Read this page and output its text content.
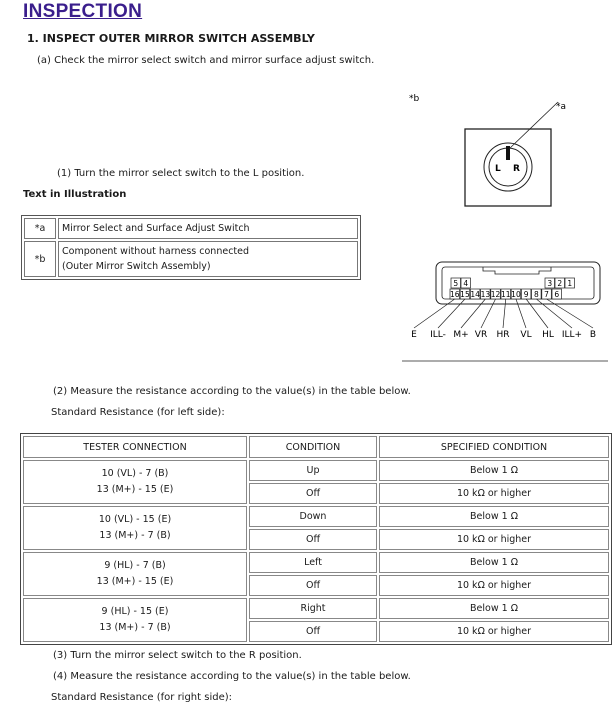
INSPECTION
1. INSPECT OUTER MIRROR SWITCH ASSEMBLY
(a) Check the mirror select switch and mirror surface adjust switch.
(1) Turn the mirror select switch to the L position.
*b
*a
L R
5 4	3 2 1
16 15 14 13 12 11 10 9 8 7 6
E ILL- M+ VR HR VL HL ILL+ B
Text in Illustration
*a	Mirror Select and Surface Adjust Switch

*b	Component without harness connected
(Outer Mirror Switch Assembly)
(2) Measure the resistance according to the value(s) in the table below.
Standard Resistance (for left side):
TESTER CONNECTION	CONDITION	SPECIFIED CONDITION

10 (VL) - 7 (B)
13 (M+) - 15 (E)	Up	Below 1 Ω
	Off	10 kΩ or higher

10 (VL) - 15 (E)
13 (M+) - 7 (B)	Down	Below 1 Ω
	Off	10 kΩ or higher

9 (HL) - 7 (B)
13 (M+) - 15 (E)	Left	Below 1 Ω
	Off	10 kΩ or higher

9 (HL) - 15 (E)
13 (M+) - 7 (B)	Right	Below 1 Ω
	Off	10 kΩ or higher
(3) Turn the mirror select switch to the R position.
(4) Measure the resistance according to the value(s) in the table below.
Standard Resistance (for right side):
